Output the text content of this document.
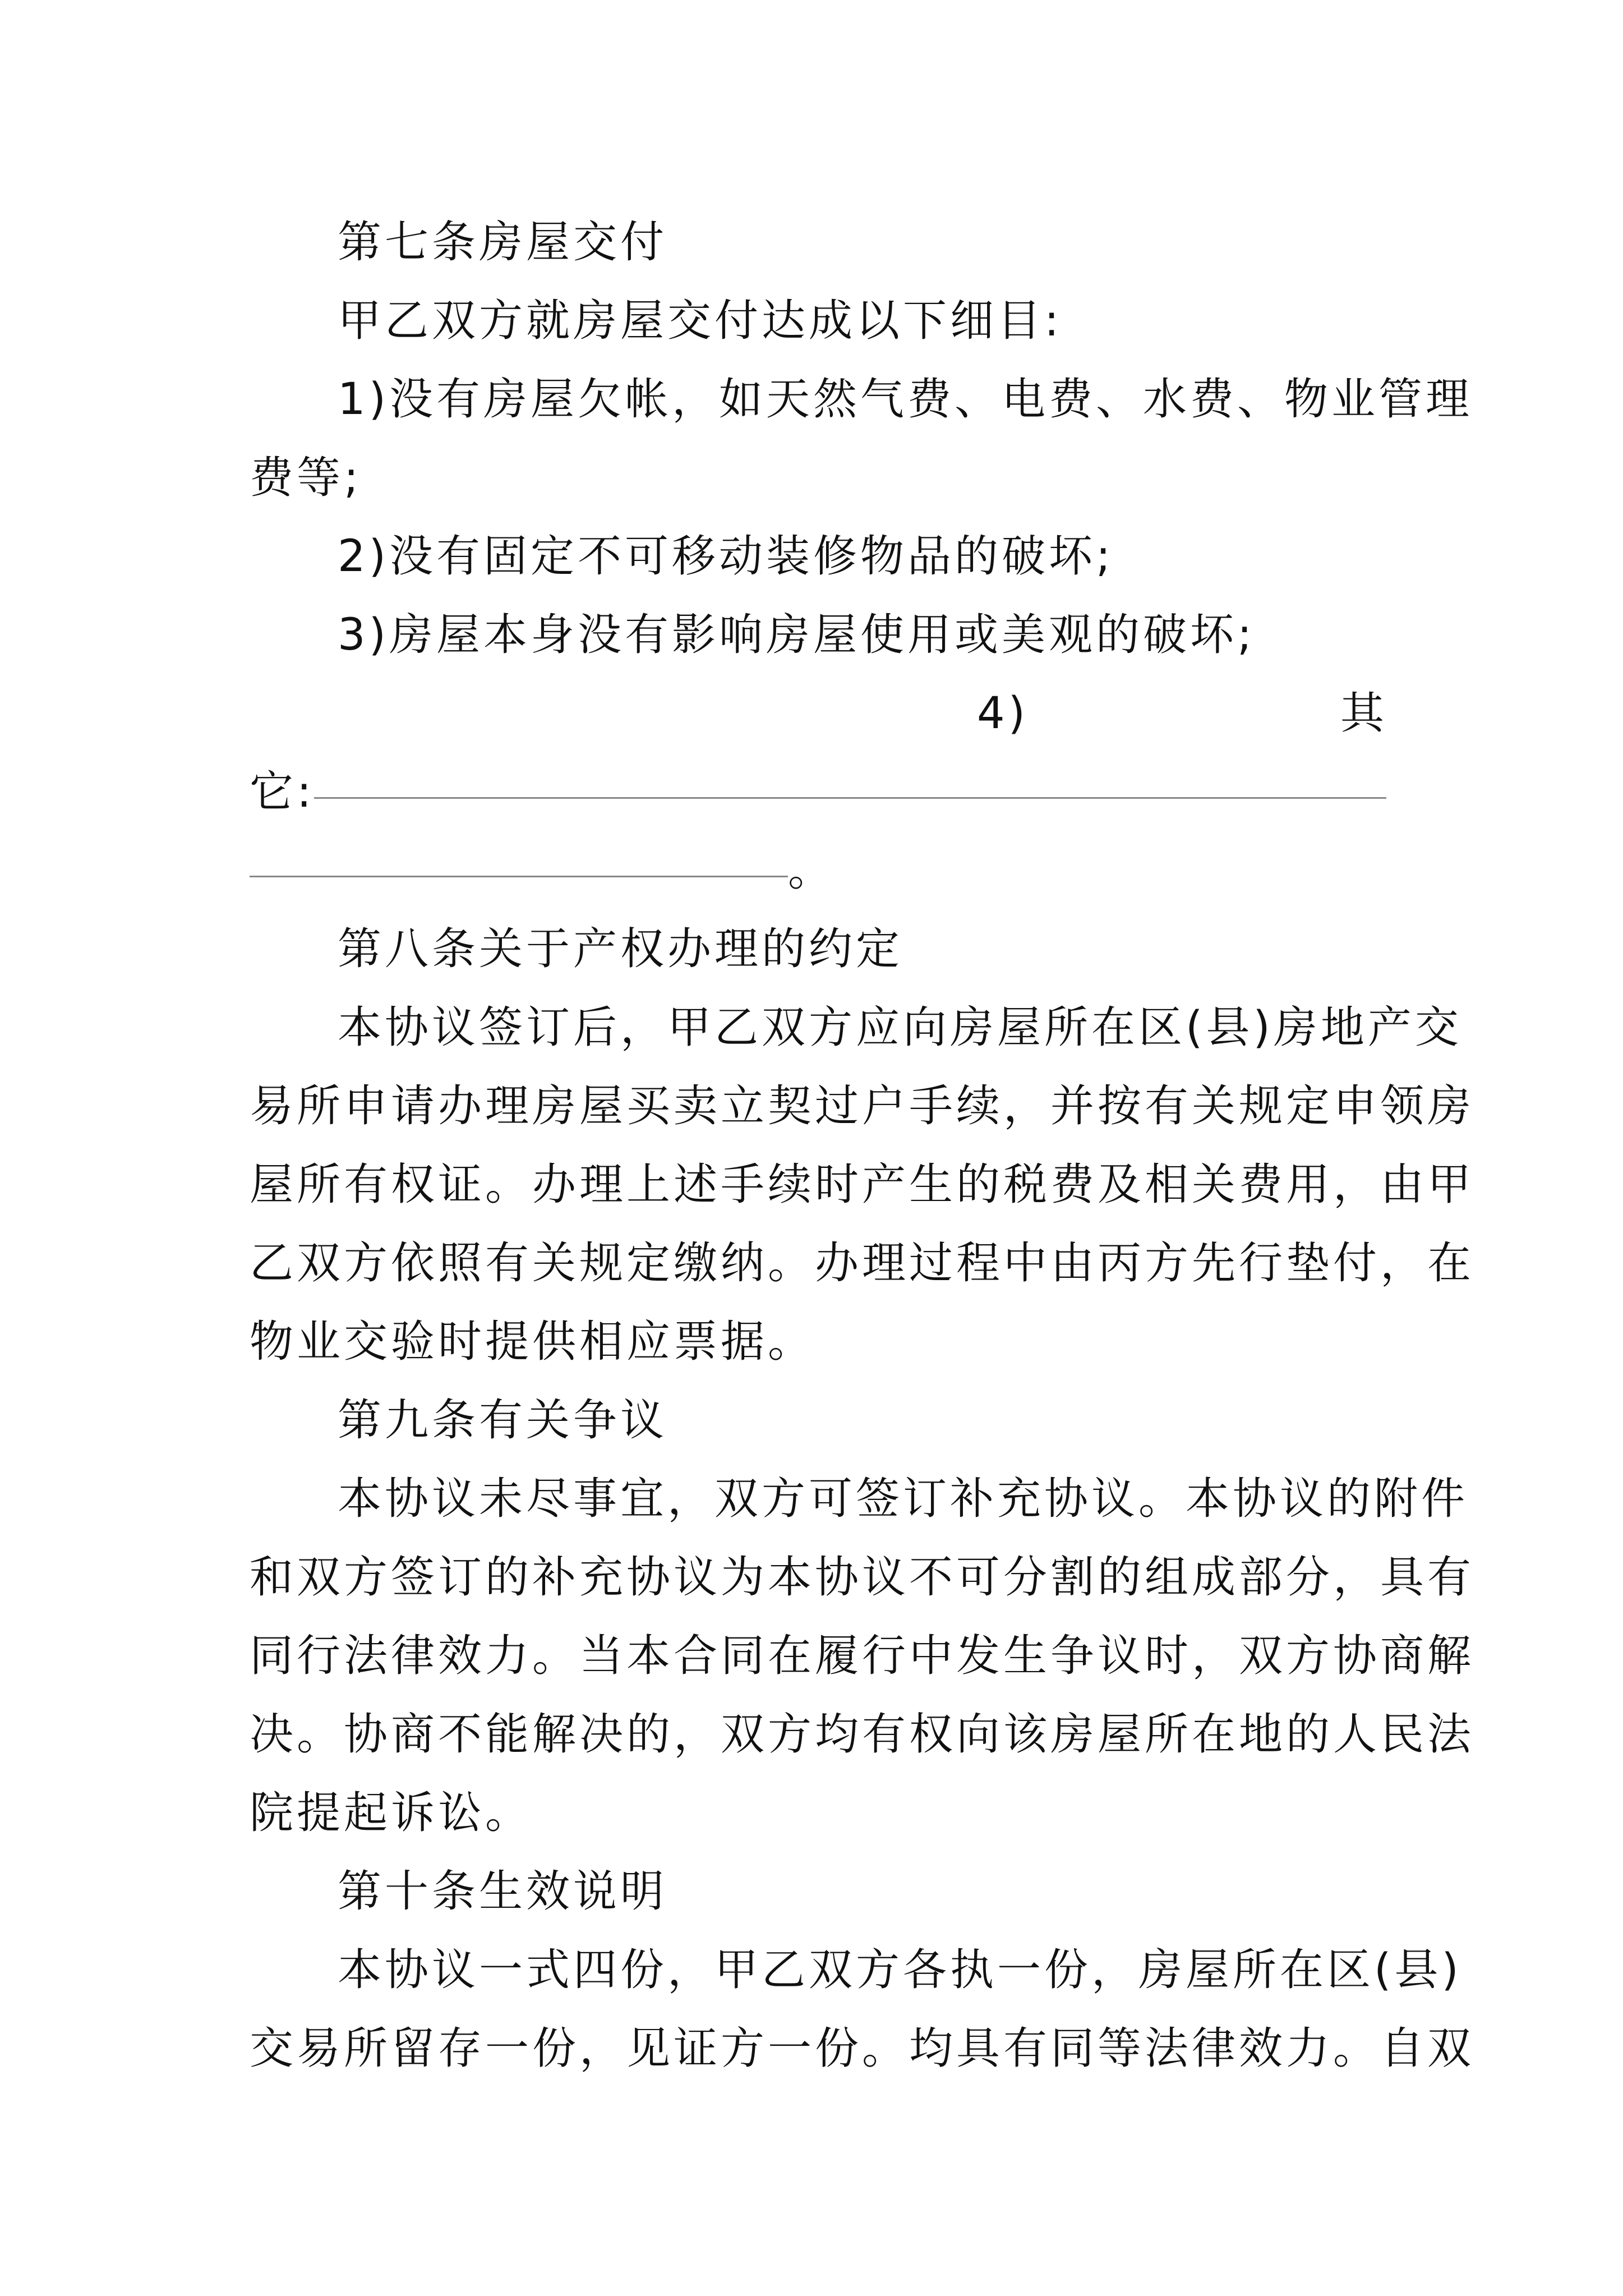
第七条房屋交付
甲乙双方就房屋交付达成以下细目:
1)没有房屋欠帐，如天然气费、电费、水费、物业管理
费等;
2)没有固定不可移动装修物品的破坏;
3)房屋本身没有影响房屋使用或美观的破坏;
4)	其
它:
。
第八条关于产权办理的约定
本协议签订后，甲乙双方应向房屋所在区(县)房地产交
易所申请办理房屋买卖立契过户手续，并按有关规定申领房
屋所有权证。办理上述手续时产生的税费及相关费用，由甲
乙双方依照有关规定缴纳。办理过程中由丙方先行垫付，在
物业交验时提供相应票据。
第九条有关争议
本协议未尽事宜，双方可签订补充协议。本协议的附件
和双方签订的补充协议为本协议不可分割的组成部分，具有
同行法律效力。当本合同在履行中发生争议时，双方协商解
决。协商不能解决的，双方均有权向该房屋所在地的人民法
院提起诉讼。
第十条生效说明
本协议一式四份，甲乙双方各执一份，房屋所在区(县)
交易所留存一份，见证方一份。均具有同等法律效力。自双
